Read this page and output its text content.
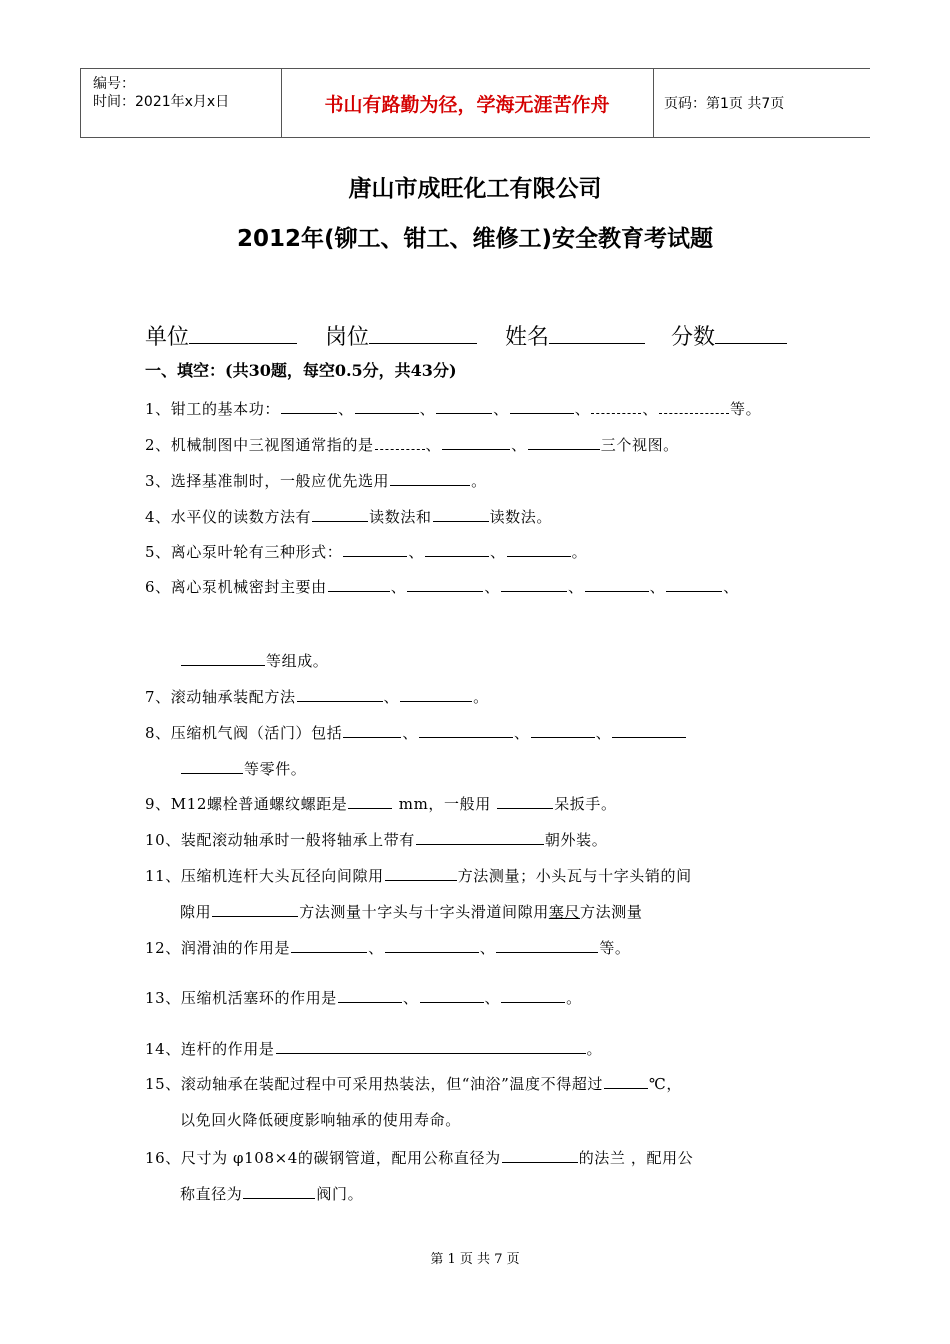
编号：
时间：2021年x月x日	书山有路勤为径，学海无涯苦作舟	页码：第1页 共7页
唐山市成旺化工有限公司
2012年(铆工、钳工、维修工)安全教育考试题
单位	岗位	姓名	分数
一、填空：(共30题，每空0.5分，共43分)
1、钳工的基本功：	、	、	、	、	、	等。
2、机械制图中三视图通常指的是	、	、	三个视图。
3、选择基准制时，一般应优先选用	。
4、水平仪的读数方法有	读数法和	读数法。
5、离心泵叶轮有三种形式：	、	、	。
6、离心泵机械密封主要由	、	、	、	、	、
等组成。
7、滚动轴承装配方法	、	。
8、压缩机气阀（活门）包括	、	、	、
等零件。
9、M12螺栓普通螺纹螺距是	mm，一般用	呆扳手。
10、装配滚动轴承时一般将轴承上带有	朝外装。
11、压缩机连杆大头瓦径向间隙用	方法测量；小头瓦与十字头销的间
隙用	方法测量十字头与十字头滑道间隙用塞尺方法测量
12、润滑油的作用是	、	、	等。
13、压缩机活塞环的作用是	、	、	。
14、连杆的作用是	。
15、滚动轴承在装配过程中可采用热装法，但“油浴”温度不得超过	℃，
以免回火降低硬度影响轴承的使用寿命。
16、尺寸为 φ108×4的碳钢管道，配用公称直径为	的法兰 ，配用公
称直径为	阀门。
第 1 页 共 7 页
